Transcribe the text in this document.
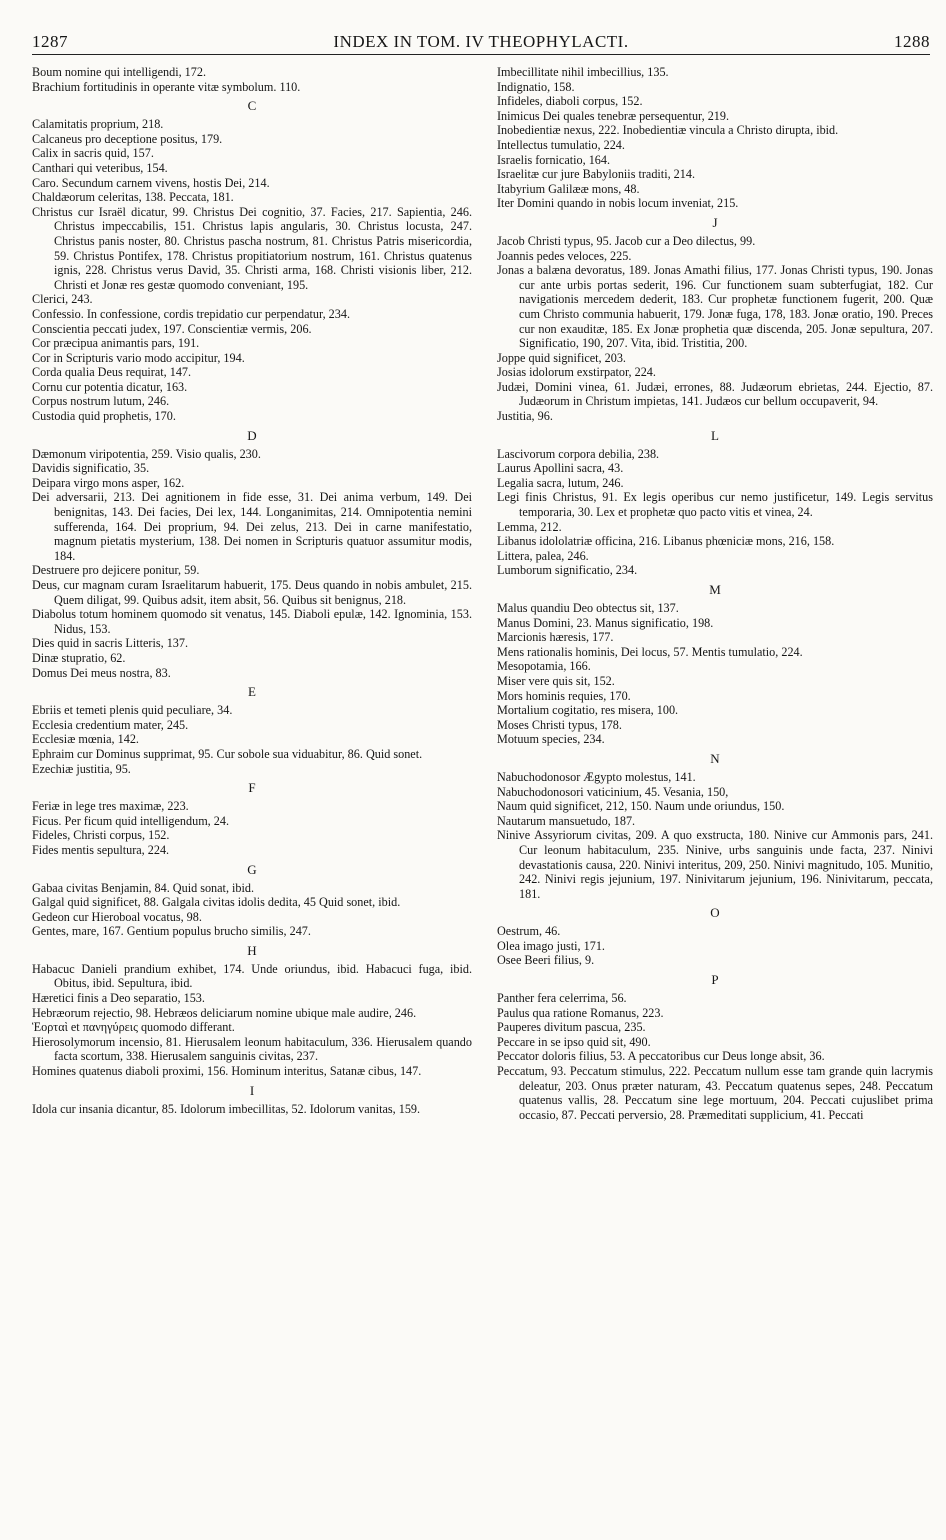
1287	INDEX IN TOM. IV THEOPHYLACTI.	1288

Boum nomine qui intelligendi, 172.

Brachium fortitudinis in operante vitæ symbolum. 110.

C

Calamitatis proprium, 218.

Calcaneus pro deceptione positus, 179.

Calix in sacris quid, 157.

Canthari qui veteribus, 154.

Caro. Secundum carnem vivens, hostis Dei, 214.

Chaldæorum celeritas, 138. Peccata, 181.

Christus cur Israël dicatur, 99. Christus Dei cognitio, 37. Facies, 217. Sapientia, 246. Christus impeccabilis, 151. Christus lapis angularis, 30. Christus locusta, 247. Christus panis noster, 80. Christus pascha nostrum, 81. Christus Patris misericordia, 59. Christus Pontifex, 178. Christus propitiatorium nostrum, 161. Christus quatenus ignis, 228. Christus verus David, 35. Christi arma, 168. Christi visionis liber, 212. Christi et Jonæ res gestæ quomodo conveniant, 195.

Clerici, 243.

Confessio. In confessione, cordis trepidatio cur perpendatur, 234.

Conscientia peccati judex, 197. Conscientiæ vermis, 206.

Cor præcipua animantis pars, 191.

Cor in Scripturis vario modo accipitur, 194.

Corda qualia Deus requirat, 147.

Cornu cur potentia dicatur, 163.

Corpus nostrum lutum, 246.

Custodia quid prophetis, 170.

D

Dæmonum viripotentia, 259. Visio qualis, 230.

Davidis significatio, 35.

Deipara virgo mons asper, 162.

Dei adversarii, 213. Dei agnitionem in fide esse, 31. Dei anima verbum, 149. Dei benignitas, 143. Dei facies, Dei lex, 144. Longanimitas, 214. Omnipotentia nemini sufferenda, 164. Dei proprium, 94. Dei zelus, 213. Dei in carne manifestatio, magnum pietatis mysterium, 138. Dei nomen in Scripturis quatuor assumitur modis, 184.

Destruere pro dejicere ponitur, 59.

Deus, cur magnam curam Israelitarum habuerit, 175. Deus quando in nobis ambulet, 215. Quem diligat, 99. Quibus adsit, item absit, 56. Quibus sit benignus, 218.

Diabolus totum hominem quomodo sit venatus, 145. Diaboli epulæ, 142. Ignominia, 153. Nidus, 153.

Dies quid in sacris Litteris, 137.

Dinæ stupratio, 62.

Domus Dei meus nostra, 83.

E

Ebriis et temeti plenis quid peculiare, 34.

Ecclesia credentium mater, 245.

Ecclesiæ mœnia, 142.

Ephraim cur Dominus supprimat, 95. Cur sobole sua viduabitur, 86. Quid sonet.

Ezechiæ justitia, 95.

F

Feriæ in lege tres maximæ, 223.

Ficus. Per ficum quid intelligendum, 24.

Fideles, Christi corpus, 152.

Fides mentis sepultura, 224.

G

Gabaa civitas Benjamin, 84. Quid sonat, ibid.

Galgal quid significet, 88. Galgala civitas idolis dedita, 45 Quid sonet, ibid.

Gedeon cur Hieroboal vocatus, 98.

Gentes, mare, 167. Gentium populus brucho similis, 247.

H

Habacuc Danieli prandium exhibet, 174. Unde oriundus, ibid. Habacuci fuga, ibid. Obitus, ibid. Sepultura, ibid.

Hæretici finis a Deo separatio, 153.

Hebræorum rejectio, 98. Hebræos deliciarum nomine ubique male audire, 246.

Ἑορταὶ et πανηγύρεις quomodo differant.

Hierosolymorum incensio, 81. Hierusalem leonum habitaculum, 336. Hierusalem quando facta scortum, 338. Hierusalem sanguinis civitas, 237.

Homines quatenus diaboli proximi, 156. Hominum interitus, Satanæ cibus, 147.

I

Idola cur insania dicantur, 85. Idolorum imbecillitas, 52. Idolorum vanitas, 159.

Imbecillitate nihil imbecillius, 135.

Indignatio, 158.

Infideles, diaboli corpus, 152.

Inimicus Dei quales tenebræ persequentur, 219.

Inobedientiæ nexus, 222. Inobedientiæ vincula a Christo dirupta, ibid.

Intellectus tumulatio, 224.

Israelis fornicatio, 164.

Israelitæ cur jure Babyloniis traditi, 214.

Itabyrium Galilææ mons, 48.

Iter Domini quando in nobis locum inveniat, 215.

J

Jacob Christi typus, 95. Jacob cur a Deo dilectus, 99.

Joannis pedes veloces, 225.

Jonas a balæna devoratus, 189. Jonas Amathi filius, 177. Jonas Christi typus, 190. Jonas cur ante urbis portas sederit, 196. Cur functionem suam subterfugiat, 182. Cur navigationis mercedem dederit, 183. Cur prophetæ functionem fugerit, 200. Quæ cum Christo communia habuerit, 179. Jonæ fuga, 178, 183. Jonæ oratio, 190. Preces cur non exauditæ, 185. Ex Jonæ prophetia quæ discenda, 205. Jonæ sepultura, 207. Significatio, 190, 207. Vita, ibid. Tristitia, 200.

Joppe quid significet, 203.

Josias idolorum exstirpator, 224.

Judæi, Domini vinea, 61. Judæi, errones, 88. Judæorum ebrietas, 244. Ejectio, 87. Judæorum in Christum impietas, 141. Judæos cur bellum occupaverit, 94.

Justitia, 96.

L

Lascivorum corpora debilia, 238.

Laurus Apollini sacra, 43.

Legalia sacra, lutum, 246.

Legi finis Christus, 91. Ex legis operibus cur nemo justificetur, 149. Legis servitus temporaria, 30. Lex et prophetæ quo pacto vitis et vinea, 24.

Lemma, 212.

Libanus idololatriæ officina, 216. Libanus phœniciæ mons, 216, 158.

Littera, palea, 246.

Lumborum significatio, 234.

M

Malus quandiu Deo obtectus sit, 137.

Manus Domini, 23. Manus significatio, 198.

Marcionis hæresis, 177.

Mens rationalis hominis, Dei locus, 57. Mentis tumulatio, 224.

Mesopotamia, 166.

Miser vere quis sit, 152.

Mors hominis requies, 170.

Mortalium cogitatio, res misera, 100.

Moses Christi typus, 178.

Motuum species, 234.

N

Nabuchodonosor Ægypto molestus, 141.

Nabuchodonosori vaticinium, 45. Vesania, 150,

Naum quid significet, 212, 150. Naum unde oriundus, 150.

Nautarum mansuetudo, 187.

Ninive Assyriorum civitas, 209. A quo exstructa, 180. Ninive cur Ammonis pars, 241. Cur leonum habitaculum, 235. Ninive, urbs sanguinis unde facta, 237. Ninivi devastationis causa, 220. Ninivi interitus, 209, 250. Ninivi magnitudo, 105. Munitio, 242. Ninivi regis jejunium, 197. Ninivitarum jejunium, 196. Ninivitarum, peccata, 181.

O

Oestrum, 46.

Olea imago justi, 171.

Osee Beeri filius, 9.

P

Panther fera celerrima, 56.

Paulus qua ratione Romanus, 223.

Pauperes divitum pascua, 235.

Peccare in se ipso quid sit, 490.

Peccator doloris filius, 53. A peccatoribus cur Deus longe absit, 36.

Peccatum, 93. Peccatum stimulus, 222. Peccatum nullum esse tam grande quin lacrymis deleatur, 203. Onus præter naturam, 43. Peccatum quatenus sepes, 248. Peccatum quatenus vallis, 28. Peccatum sine lege mortuum, 204. Peccati cujuslibet prima occasio, 87. Peccati perversio, 28. Præmeditati supplicium, 41. Peccati
